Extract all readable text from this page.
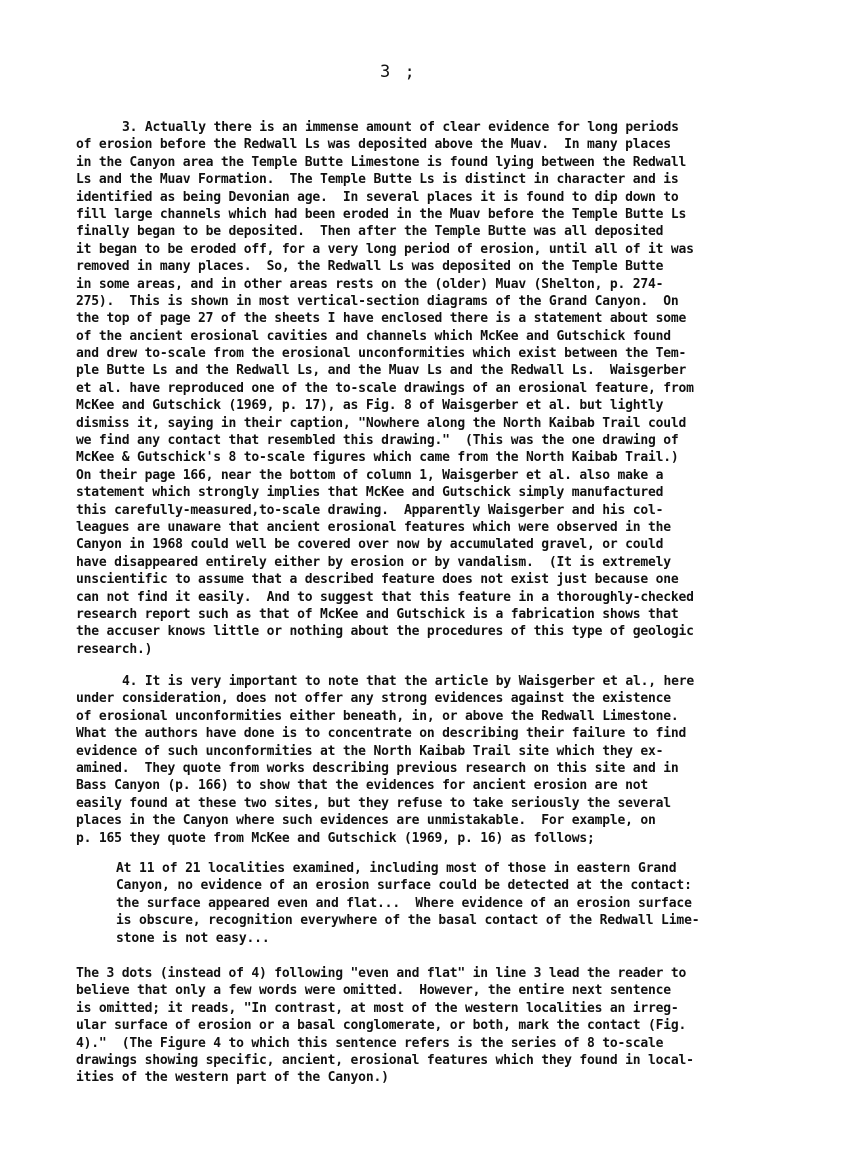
3 ;
3. Actually there is an immense amount of clear evidence for long periods
of erosion before the Redwall Ls was deposited above the Muav.  In many places
in the Canyon area the Temple Butte Limestone is found lying between the Redwall
Ls and the Muav Formation.  The Temple Butte Ls is distinct in character and is
identified as being Devonian age.  In several places it is found to dip down to
fill large channels which had been eroded in the Muav before the Temple Butte Ls
finally began to be deposited.  Then after the Temple Butte was all deposited
it began to be eroded off, for a very long period of erosion, until all of it was
removed in many places.  So, the Redwall Ls was deposited on the Temple Butte
in some areas, and in other areas rests on the (older) Muav (Shelton, p. 274-
275).  This is shown in most vertical-section diagrams of the Grand Canyon.  On
the top of page 27 of the sheets I have enclosed there is a statement about some
of the ancient erosional cavities and channels which McKee and Gutschick found
and drew to-scale from the erosional unconformities which exist between the Tem-
ple Butte Ls and the Redwall Ls, and the Muav Ls and the Redwall Ls.  Waisgerber
et al. have reproduced one of the to-scale drawings of an erosional feature, from
McKee and Gutschick (1969, p. 17), as Fig. 8 of Waisgerber et al. but lightly
dismiss it, saying in their caption, "Nowhere along the North Kaibab Trail could
we find any contact that resembled this drawing."  (This was the one drawing of
McKee & Gutschick's 8 to-scale figures which came from the North Kaibab Trail.)
On their page 166, near the bottom of column 1, Waisgerber et al. also make a
statement which strongly implies that McKee and Gutschick simply manufactured
this carefully-measured,to-scale drawing.  Apparently Waisgerber and his col-
leagues are unaware that ancient erosional features which were observed in the
Canyon in 1968 could well be covered over now by accumulated gravel, or could
have disappeared entirely either by erosion or by vandalism.  (It is extremely
unscientific to assume that a described feature does not exist just because one
can not find it easily.  And to suggest that this feature in a thoroughly-checked
research report such as that of McKee and Gutschick is a fabrication shows that
the accuser knows little or nothing about the procedures of this type of geologic
research.)
4. It is very important to note that the article by Waisgerber et al., here
under consideration, does not offer any strong evidences against the existence
of erosional unconformities either beneath, in, or above the Redwall Limestone.
What the authors have done is to concentrate on describing their failure to find
evidence of such unconformities at the North Kaibab Trail site which they ex-
amined.  They quote from works describing previous research on this site and in
Bass Canyon (p. 166) to show that the evidences for ancient erosion are not
easily found at these two sites, but they refuse to take seriously the several
places in the Canyon where such evidences are unmistakable.  For example, on
p. 165 they quote from McKee and Gutschick (1969, p. 16) as follows;
At 11 of 21 localities examined, including most of those in eastern Grand
Canyon, no evidence of an erosion surface could be detected at the contact:
the surface appeared even and flat...  Where evidence of an erosion surface
is obscure, recognition everywhere of the basal contact of the Redwall Lime-
stone is not easy...
The 3 dots (instead of 4) following "even and flat" in line 3 lead the reader to
believe that only a few words were omitted.  However, the entire next sentence
is omitted; it reads, "In contrast, at most of the western localities an irreg-
ular surface of erosion or a basal conglomerate, or both, mark the contact (Fig.
4)."  (The Figure 4 to which this sentence refers is the series of 8 to-scale
drawings showing specific, ancient, erosional features which they found in local-
ities of the western part of the Canyon.)
